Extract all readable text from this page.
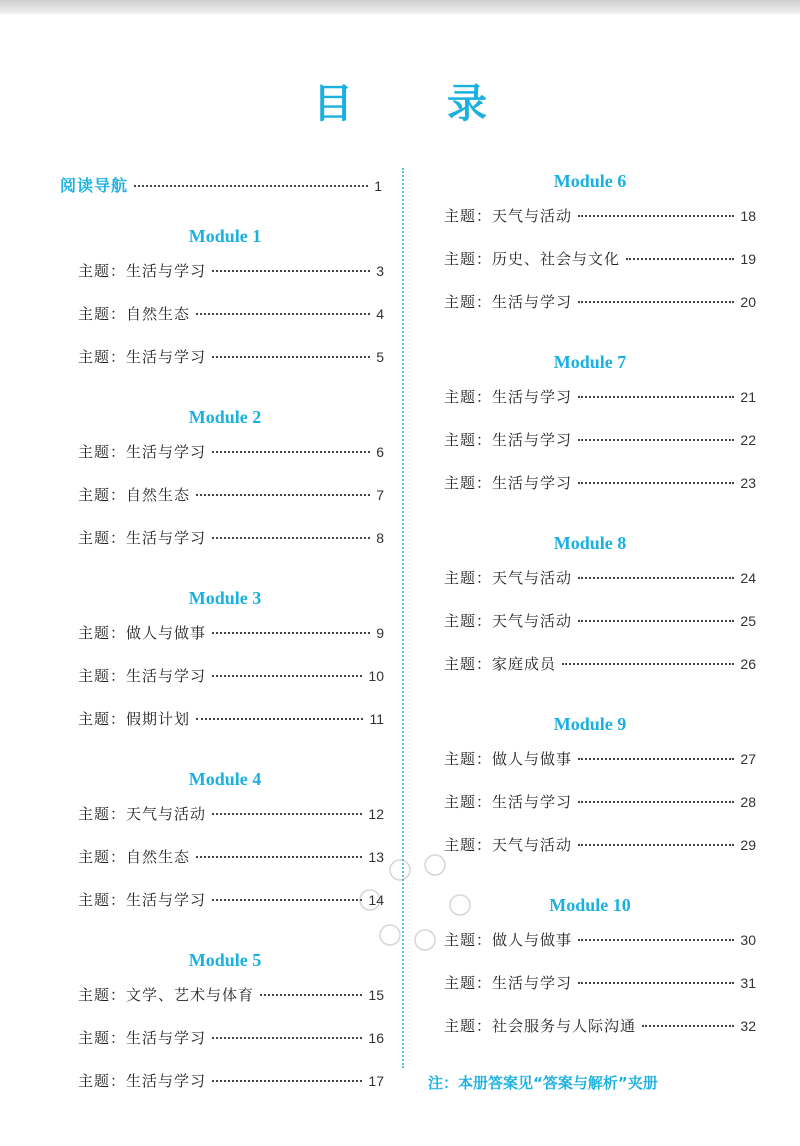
目 录
阅读导航	1
Module 1
主题：生活与学习	3
主题：自然生态	4
主题：生活与学习	5
Module 2
主题：生活与学习	6
主题：自然生态	7
主题：生活与学习	8
Module 3
主题：做人与做事	9
主题：生活与学习	10
主题：假期计划	11
Module 4
主题：天气与活动	12
主题：自然生态	13
主题：生活与学习	14
Module 5
主题：文学、艺术与体育	15
主题：生活与学习	16
主题：生活与学习	17
Module 6
主题：天气与活动	18
主题：历史、社会与文化	19
主题：生活与学习	20
Module 7
主题：生活与学习	21
主题：生活与学习	22
主题：生活与学习	23
Module 8
主题：天气与活动	24
主题：天气与活动	25
主题：家庭成员	26
Module 9
主题：做人与做事	27
主题：生活与学习	28
主题：天气与活动	29
Module 10
主题：做人与做事	30
主题：生活与学习	31
主题：社会服务与人际沟通	32
注：本册答案见“答案与解析”夹册
